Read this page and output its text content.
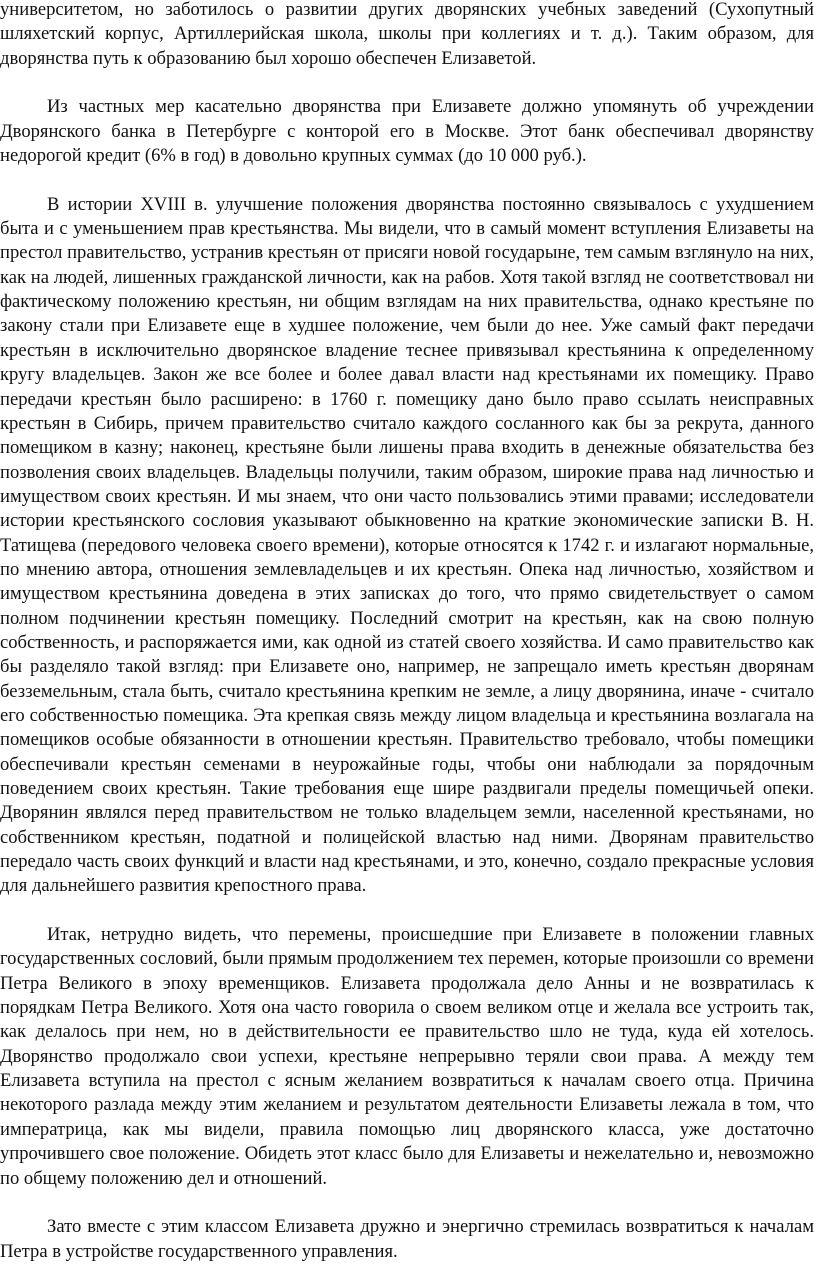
университетом, но заботилось о развитии других дворянских учебных заведений (Сухопутный шляхетский корпус, Артиллерийская школа, школы при коллегиях и т. д.). Таким образом, для дворянства путь к образованию был хорошо обеспечен Елизаветой.

Из частных мер касательно дворянства при Елизавете должно упомянуть об учреждении Дворянского банка в Петербурге с конторой его в Москве. Этот банк обеспечивал дворянству недорогой кредит (6% в год) в довольно крупных суммах (до 10 000 руб.).

В истории XVIII в. улучшение положения дворянства постоянно связывалось с ухудшением быта и с уменьшением прав крестьянства. Мы видели, что в самый момент вступления Елизаветы на престол правительство, устранив крестьян от присяги новой государыне, тем самым взглянуло на них, как на людей, лишенных гражданской личности, как на рабов. Хотя такой взгляд не соответствовал ни фактическому положению крестьян, ни общим взглядам на них правительства, однако крестьяне по закону стали при Елизавете еще в худшее положение, чем были до нее. Уже самый факт передачи крестьян в исключительно дворянское владение теснее привязывал крестьянина к определенному кругу владельцев. Закон же все более и более давал власти над крестьянами их помещику. Право передачи крестьян было расширено: в 1760 г. помещику дано было право ссылать неисправных крестьян в Сибирь, причем правительство считало каждого сосланного как бы за рекрута, данного помещиком в казну; наконец, крестьяне были лишены права входить в денежные обязательства без позволения своих владельцев. Владельцы получили, таким образом, широкие права над личностью и имуществом своих крестьян. И мы знаем, что они часто пользовались этими правами; исследователи истории крестьянского сословия указывают обыкновенно на краткие экономические записки В. Н. Татищева (передового человека своего времени), которые относятся к 1742 г. и излагают нормальные, по мнению автора, отношения землевладельцев и их крестьян. Опека над личностью, хозяйством и имуществом крестьянина доведена в этих записках до того, что прямо свидетельствует о самом полном подчинении крестьян помещику. Последний смотрит на крестьян, как на свою полную собственность, и распоряжается ими, как одной из статей своего хозяйства. И само правительство как бы разделяло такой взгляд: при Елизавете оно, например, не запрещало иметь крестьян дворянам безземельным, стала быть, считало крестьянина крепким не земле, а лицу дворянина, иначе - считало его собственностью помещика. Эта крепкая связь между лицом владельца и крестьянина возлагала на помещиков особые обязанности в отношении крестьян. Правительство требовало, чтобы помещики обеспечивали крестьян семенами в неурожайные годы, чтобы они наблюдали за порядочным поведением своих крестьян. Такие требования еще шире раздвигали пределы помещичьей опеки. Дворянин являлся перед правительством не только владельцем земли, населенной крестьянами, но собственником крестьян, податной и полицейской властью над ними. Дворянам правительство передало часть своих функций и власти над крестьянами, и это, конечно, создало прекрасные условия для дальнейшего развития крепостного права.

Итак, нетрудно видеть, что перемены, происшедшие при Елизавете в положении главных государственных сословий, были прямым продолжением тех перемен, которые произошли со времени Петра Великого в эпоху временщиков. Елизавета продолжала дело Анны и не возвратилась к порядкам Петра Великого. Хотя она часто говорила о своем великом отце и желала все устроить так, как делалось при нем, но в действительности ее правительство шло не туда, куда ей хотелось. Дворянство продолжало свои успехи, крестьяне непрерывно теряли свои права. А между тем Елизавета вступила на престол с ясным желанием возвратиться к началам своего отца. Причина некоторого разлада между этим желанием и результатом деятельности Елизаветы лежала в том, что императрица, как мы видели, правила помощью лиц дворянского класса, уже достаточно упрочившего свое положение. Обидеть этот класс было для Елизаветы и нежелательно и, невозможно по общему положению дел и отношений.

Зато вместе с этим классом Елизавета дружно и энергично стремилась возвратиться к началам Петра в устройстве государственного управления.
